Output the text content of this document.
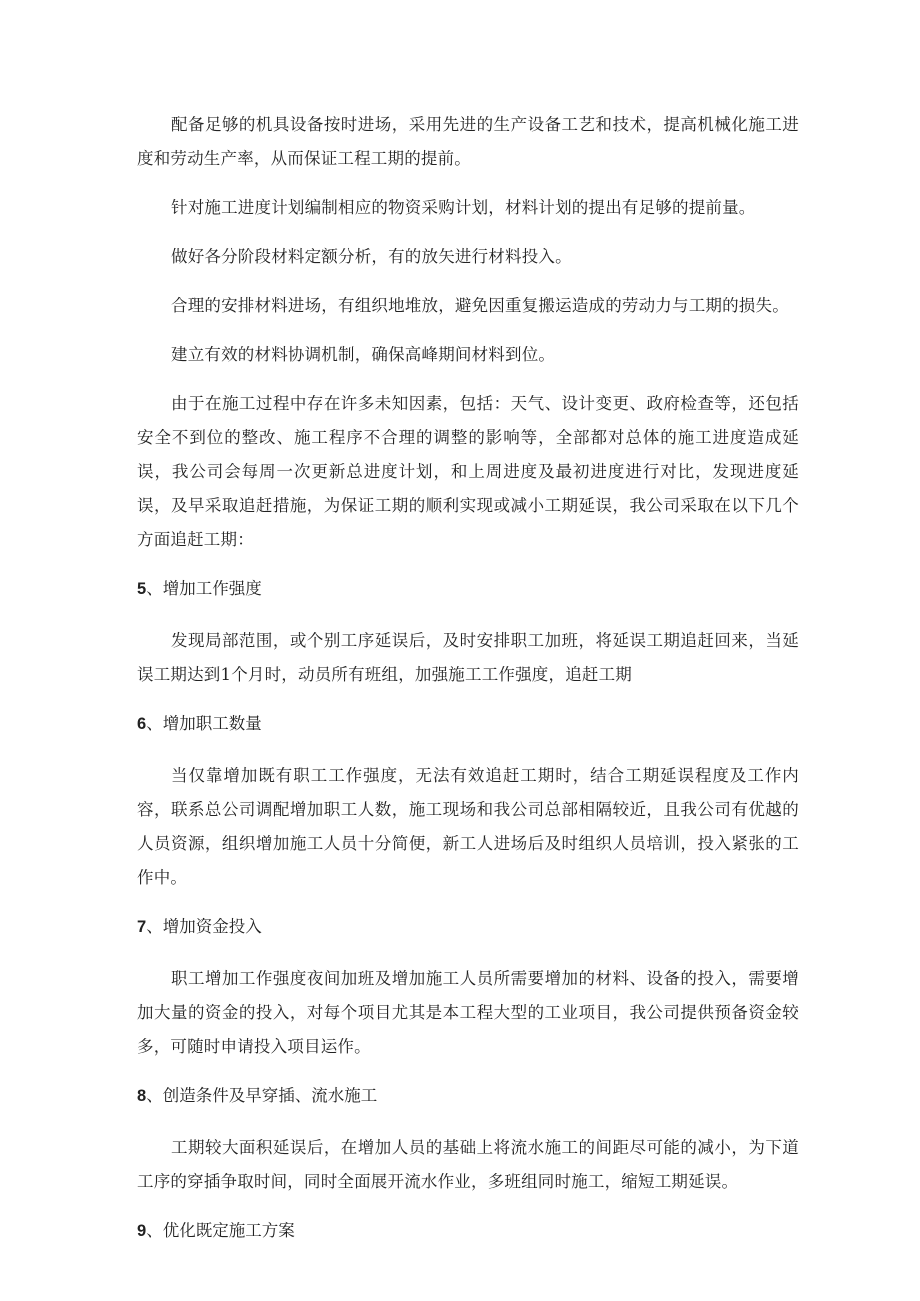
配备足够的机具设备按时进场，采用先进的生产设备工艺和技术，提高机械化施工进度和劳动生产率，从而保证工程工期的提前。

针对施工进度计划编制相应的物资采购计划，材料计划的提出有足够的提前量。

做好各分阶段材料定额分析，有的放矢进行材料投入。

合理的安排材料进场，有组织地堆放，避免因重复搬运造成的劳动力与工期的损失。

建立有效的材料协调机制，确保高峰期间材料到位。

由于在施工过程中存在许多未知因素，包括：天气、设计变更、政府检查等，还包括安全不到位的整改、施工程序不合理的调整的影响等，全部都对总体的施工进度造成延误，我公司会每周一次更新总进度计划，和上周进度及最初进度进行对比，发现进度延误，及早采取追赶措施，为保证工期的顺利实现或减小工期延误，我公司采取在以下几个方面追赶工期：

5、增加工作强度

发现局部范围，或个别工序延误后，及时安排职工加班，将延误工期追赶回来，当延误工期达到1个月时，动员所有班组，加强施工工作强度，追赶工期

6、增加职工数量

当仅靠增加既有职工工作强度，无法有效追赶工期时，结合工期延误程度及工作内容，联系总公司调配增加职工人数，施工现场和我公司总部相隔较近，且我公司有优越的人员资源，组织增加施工人员十分简便，新工人进场后及时组织人员培训，投入紧张的工作中。

7、增加资金投入

职工增加工作强度夜间加班及增加施工人员所需要增加的材料、设备的投入，需要增加大量的资金的投入，对每个项目尤其是本工程大型的工业项目，我公司提供预备资金较多，可随时申请投入项目运作。

8、创造条件及早穿插、流水施工

工期较大面积延误后，在增加人员的基础上将流水施工的间距尽可能的减小，为下道工序的穿插争取时间，同时全面展开流水作业，多班组同时施工，缩短工期延误。

9、优化既定施工方案
